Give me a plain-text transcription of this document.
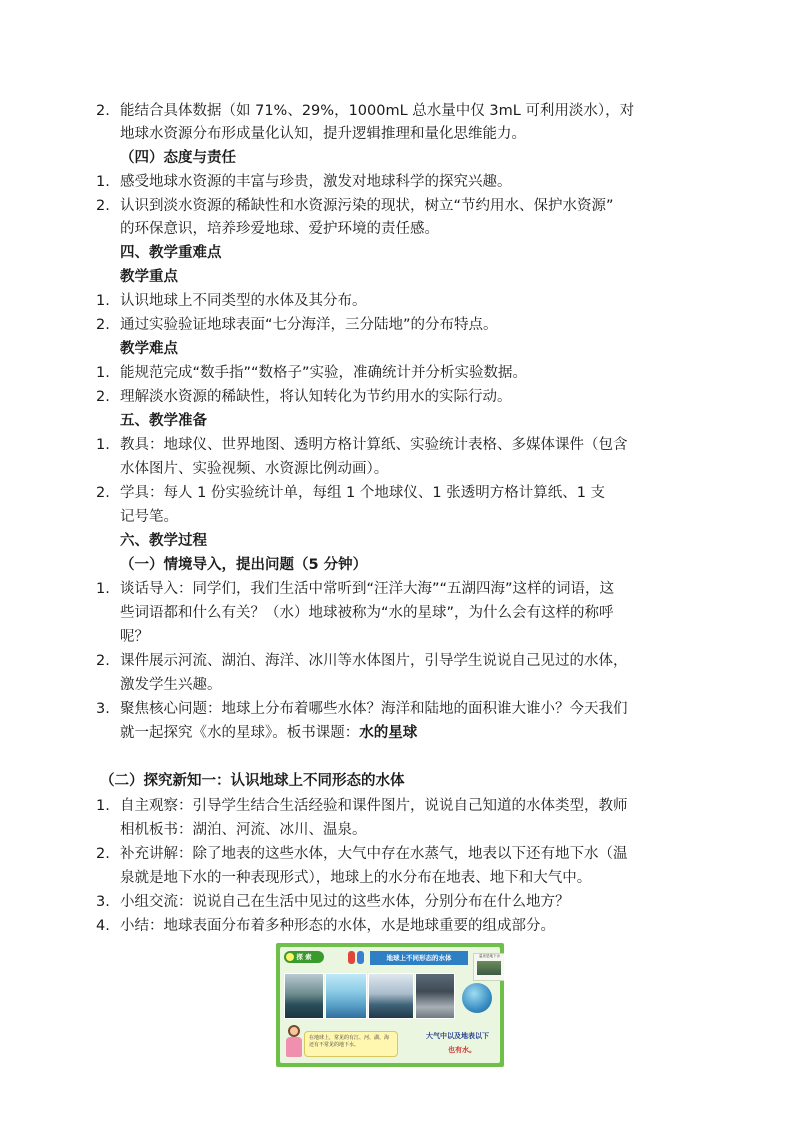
2. 能结合具体数据（如 71%、29%，1000mL 总水量中仅 3mL 可利用淡水），对
地球水资源分布形成量化认知，提升逻辑推理和量化思维能力。
（四）态度与责任
1. 感受地球水资源的丰富与珍贵，激发对地球科学的探究兴趣。
2. 认识到淡水资源的稀缺性和水资源污染的现状，树立“节约用水、保护水资源”
的环保意识，培养珍爱地球、爱护环境的责任感。
四、教学重难点
教学重点
1. 认识地球上不同类型的水体及其分布。
2. 通过实验验证地球表面“七分海洋，三分陆地”的分布特点。
教学难点
1. 能规范完成“数手指”“数格子”实验，准确统计并分析实验数据。
2. 理解淡水资源的稀缺性，将认知转化为节约用水的实际行动。
五、教学准备
1. 教具：地球仪、世界地图、透明方格计算纸、实验统计表格、多媒体课件（包含
水体图片、实验视频、水资源比例动画）。
2. 学具：每人 1 份实验统计单，每组 1 个地球仪、1 张透明方格计算纸、1 支
记号笔。
六、教学过程
（一）情境导入，提出问题（5 分钟）
1. 谈话导入：同学们，我们生活中常听到“汪洋大海”“五湖四海”这样的词语，这
些词语都和什么有关？（水）地球被称为“水的星球”，为什么会有这样的称呼
呢？
2. 课件展示河流、湖泊、海洋、冰川等水体图片，引导学生说说自己见过的水体，
激发学生兴趣。
3. 聚焦核心问题：地球上分布着哪些水体？海洋和陆地的面积谁大谁小？今天我们
就一起探究《水的星球》。板书课题：水的星球
（二）探究新知一：认识地球上不同形态的水体
1. 自主观察：引导学生结合生活经验和课件图片，说说自己知道的水体类型，教师
相机板书：湖泊、河流、冰川、温泉。
2. 补充讲解：除了地表的这些水体，大气中存在水蒸气，地表以下还有地下水（温
泉就是地下水的一种表现形式），地球上的水分布在地表、地下和大气中。
3. 小组交流：说说自己在生活中见过的这些水体，分别分布在什么地方？
4. 小结：地球表面分布着多种形态的水体，水是地球重要的组成部分。
探 索	地球上不同形态的水体	温泉是地下水
在地球上，常见的有江、河、湖、海还有不常见的地下水。
大气中以及地表以下
也有水。
